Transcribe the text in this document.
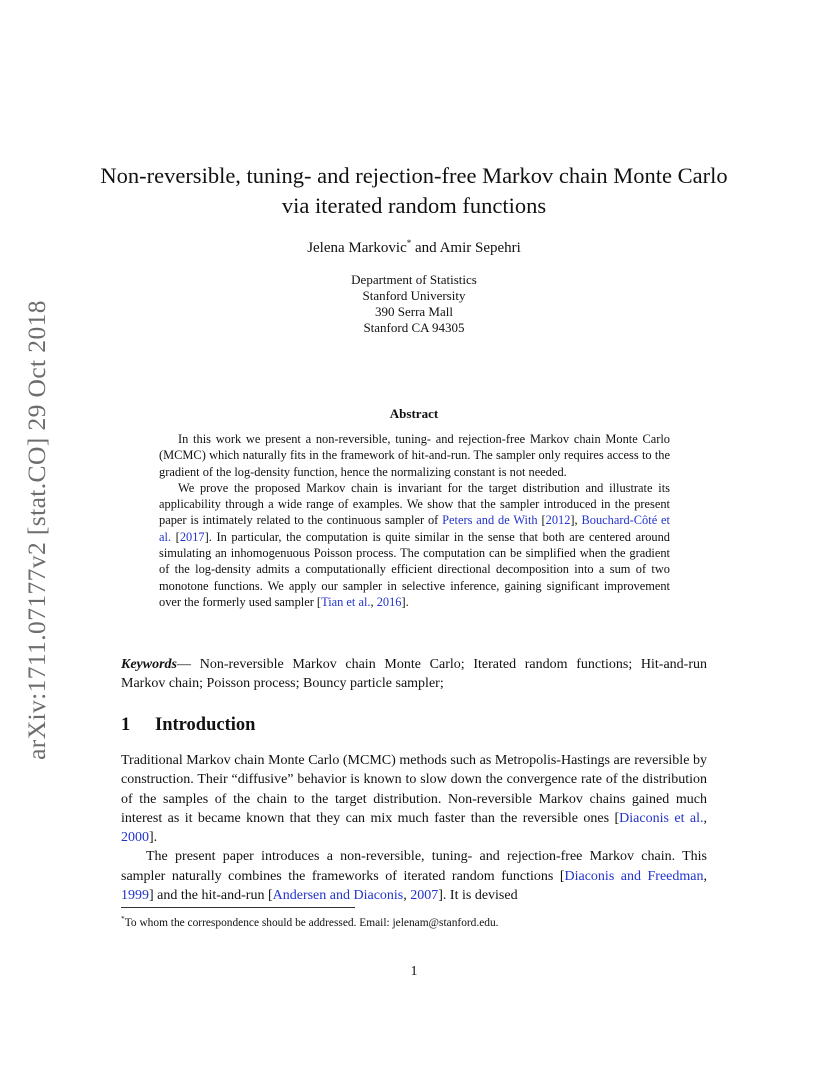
arXiv:1711.07177v2 [stat.CO] 29 Oct 2018
Non-reversible, tuning- and rejection-free Markov chain Monte Carlo via iterated random functions
Jelena Markovic* and Amir Sepehri
Department of Statistics
Stanford University
390 Serra Mall
Stanford CA 94305
Abstract

In this work we present a non-reversible, tuning- and rejection-free Markov chain Monte Carlo (MCMC) which naturally fits in the framework of hit-and-run. The sampler only requires access to the gradient of the log-density function, hence the normalizing constant is not needed.

We prove the proposed Markov chain is invariant for the target distribution and illustrate its applicability through a wide range of examples. We show that the sampler introduced in the present paper is intimately related to the continuous sampler of Peters and de With [2012], Bouchard-Côté et al. [2017]. In particular, the computation is quite similar in the sense that both are centered around simulating an inhomogenuous Poisson process. The computation can be simplified when the gradient of the log-density admits a computationally efficient directional decomposition into a sum of two monotone functions. We apply our sampler in selective inference, gaining significant improvement over the formerly used sampler [Tian et al., 2016].

Keywords— Non-reversible Markov chain Monte Carlo; Iterated random functions; Hit-and-run Markov chain; Poisson process; Bouncy particle sampler;
1 Introduction

Traditional Markov chain Monte Carlo (MCMC) methods such as Metropolis-Hastings are reversible by construction. Their “diffusive” behavior is known to slow down the convergence rate of the distribution of the samples of the chain to the target distribution. Non-reversible Markov chains gained much interest as it became known that they can mix much faster than the reversible ones [Diaconis et al., 2000].

The present paper introduces a non-reversible, tuning- and rejection-free Markov chain. This sampler naturally combines the frameworks of iterated random functions [Diaconis and Freedman, 1999] and the hit-and-run [Andersen and Diaconis, 2007]. It is devised

*To whom the correspondence should be addressed. Email: jelenam@stanford.edu.
1
